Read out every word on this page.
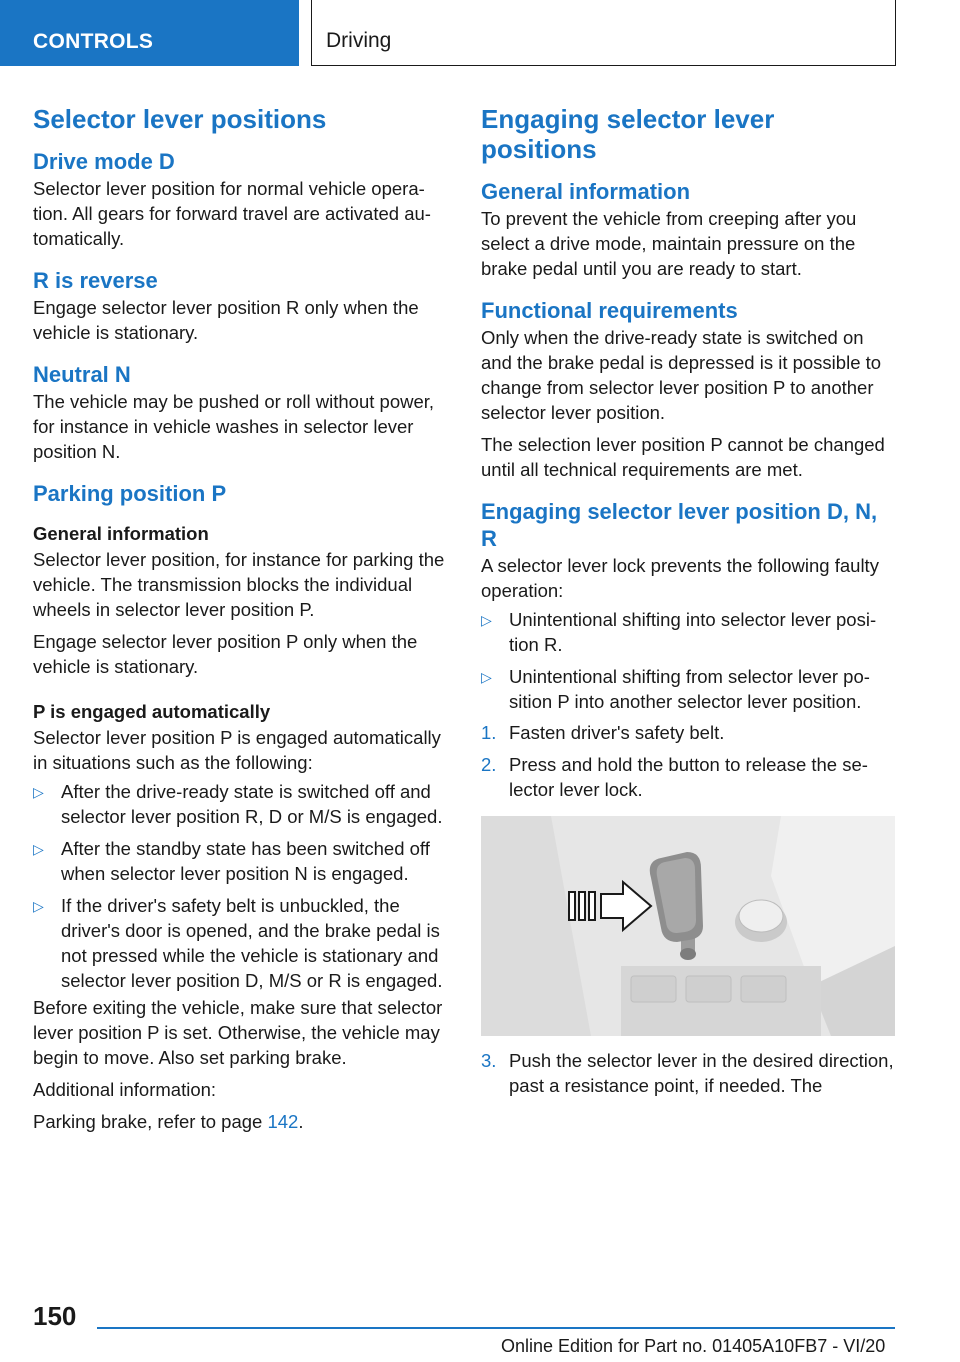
CONTROLS	Driving
Selector lever positions
Drive mode D

Selector lever position for normal vehicle operation. All gears for forward travel are activated automatically.

R is reverse

Engage selector lever position R only when the vehicle is stationary.

Neutral N

The vehicle may be pushed or roll without power, for instance in vehicle washes in selector lever position N.

Parking position P
General information

Selector lever position, for instance for parking the vehicle. The transmission blocks the individual wheels in selector lever position P.

Engage selector lever position P only when the vehicle is stationary.

P is engaged automatically

Selector lever position P is engaged automatically in situations such as the following:

▷ After the drive-ready state is switched off and selector lever position R, D or M/S is engaged.
▷ After the standby state has been switched off when selector lever position N is engaged.
▷ If the driver's safety belt is unbuckled, the driver's door is opened, and the brake pedal is not pressed while the vehicle is stationary and selector lever position D, M/S or R is engaged.

Before exiting the vehicle, make sure that selector lever position P is set. Otherwise, the vehicle may begin to move. Also set parking brake.

Additional information:

Parking brake, refer to page 142.

Engaging selector lever positions
General information

To prevent the vehicle from creeping after you select a drive mode, maintain pressure on the brake pedal until you are ready to start.

Functional requirements

Only when the drive-ready state is switched on and the brake pedal is depressed is it possible to change from selector lever position P to another selector lever position.

The selection lever position P cannot be changed until all technical requirements are met.

Engaging selector lever position D, N, R

A selector lever lock prevents the following faulty operation:

▷ Unintentional shifting into selector lever position R.
▷ Unintentional shifting from selector lever position P into another selector lever position.
1. Fasten driver's safety belt.
2. Press and hold the button to release the selector lever lock.
3. Push the selector lever in the desired direction, past a resistance point, if needed. The
150
Online Edition for Part no. 01405A10FB7 - VI/20
